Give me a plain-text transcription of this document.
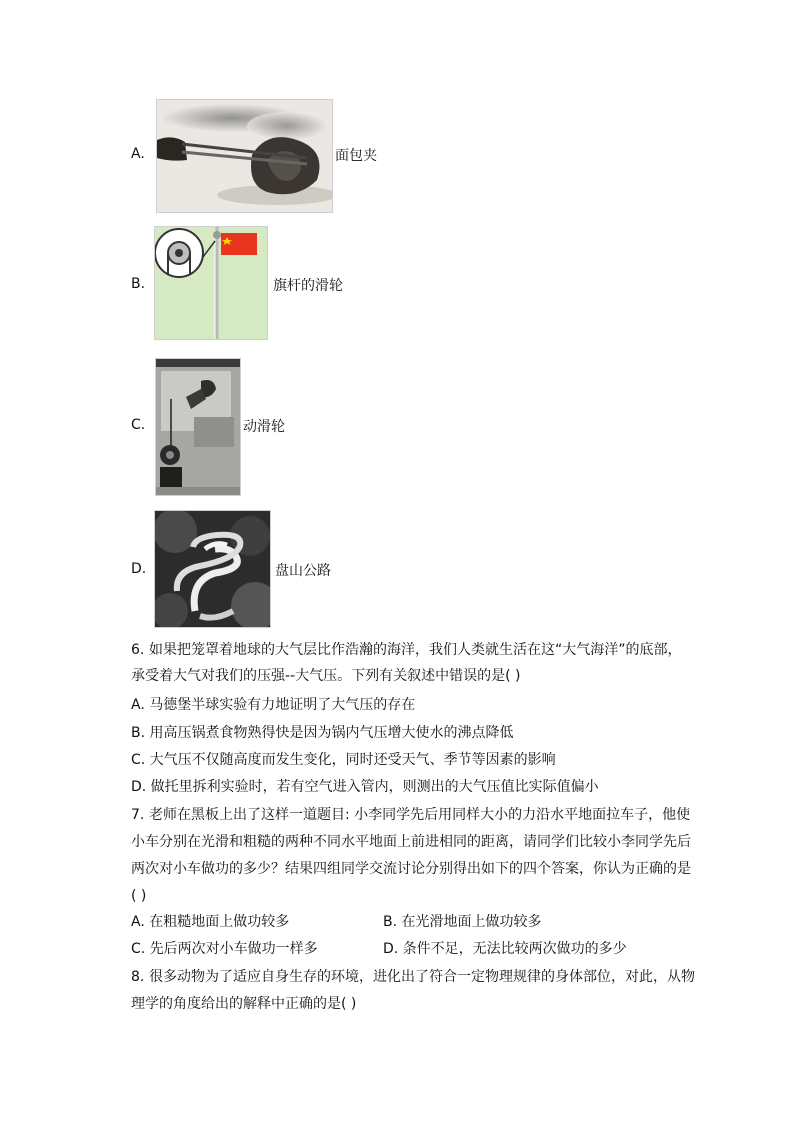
A.	面包夹
B.	旗杆的滑轮
C.	动滑轮
D.	盘山公路
6. 如果把笼罩着地球的大气层比作浩瀚的海洋，我们人类就生活在这“大气海洋”的底部，
承受着大气对我们的压强--大气压。下列有关叙述中错误的是( )
A. 马德堡半球实验有力地证明了大气压的存在
B. 用高压锅煮食物熟得快是因为锅内气压增大使水的沸点降低
C. 大气压不仅随高度而发生变化，同时还受天气、季节等因素的影响
D. 做托里拆利实验时，若有空气进入管内，则测出的大气压值比实际值偏小
7. 老师在黑板上出了这样一道题目: 小李同学先后用同样大小的力沿水平地面拉车子，他使
小车分别在光滑和粗糙的两种不同水平地面上前进相同的距离，请同学们比较小李同学先后
两次对小车做功的多少？结果四组同学交流讨论分别得出如下的四个答案，你认为正确的是
( )
A. 在粗糙地面上做功较多	B. 在光滑地面上做功较多
C. 先后两次对小车做功一样多	D. 条件不足，无法比较两次做功的多少
8. 很多动物为了适应自身生存的环境，进化出了符合一定物理规律的身体部位，对此，从物
理学的角度给出的解释中正确的是( )
